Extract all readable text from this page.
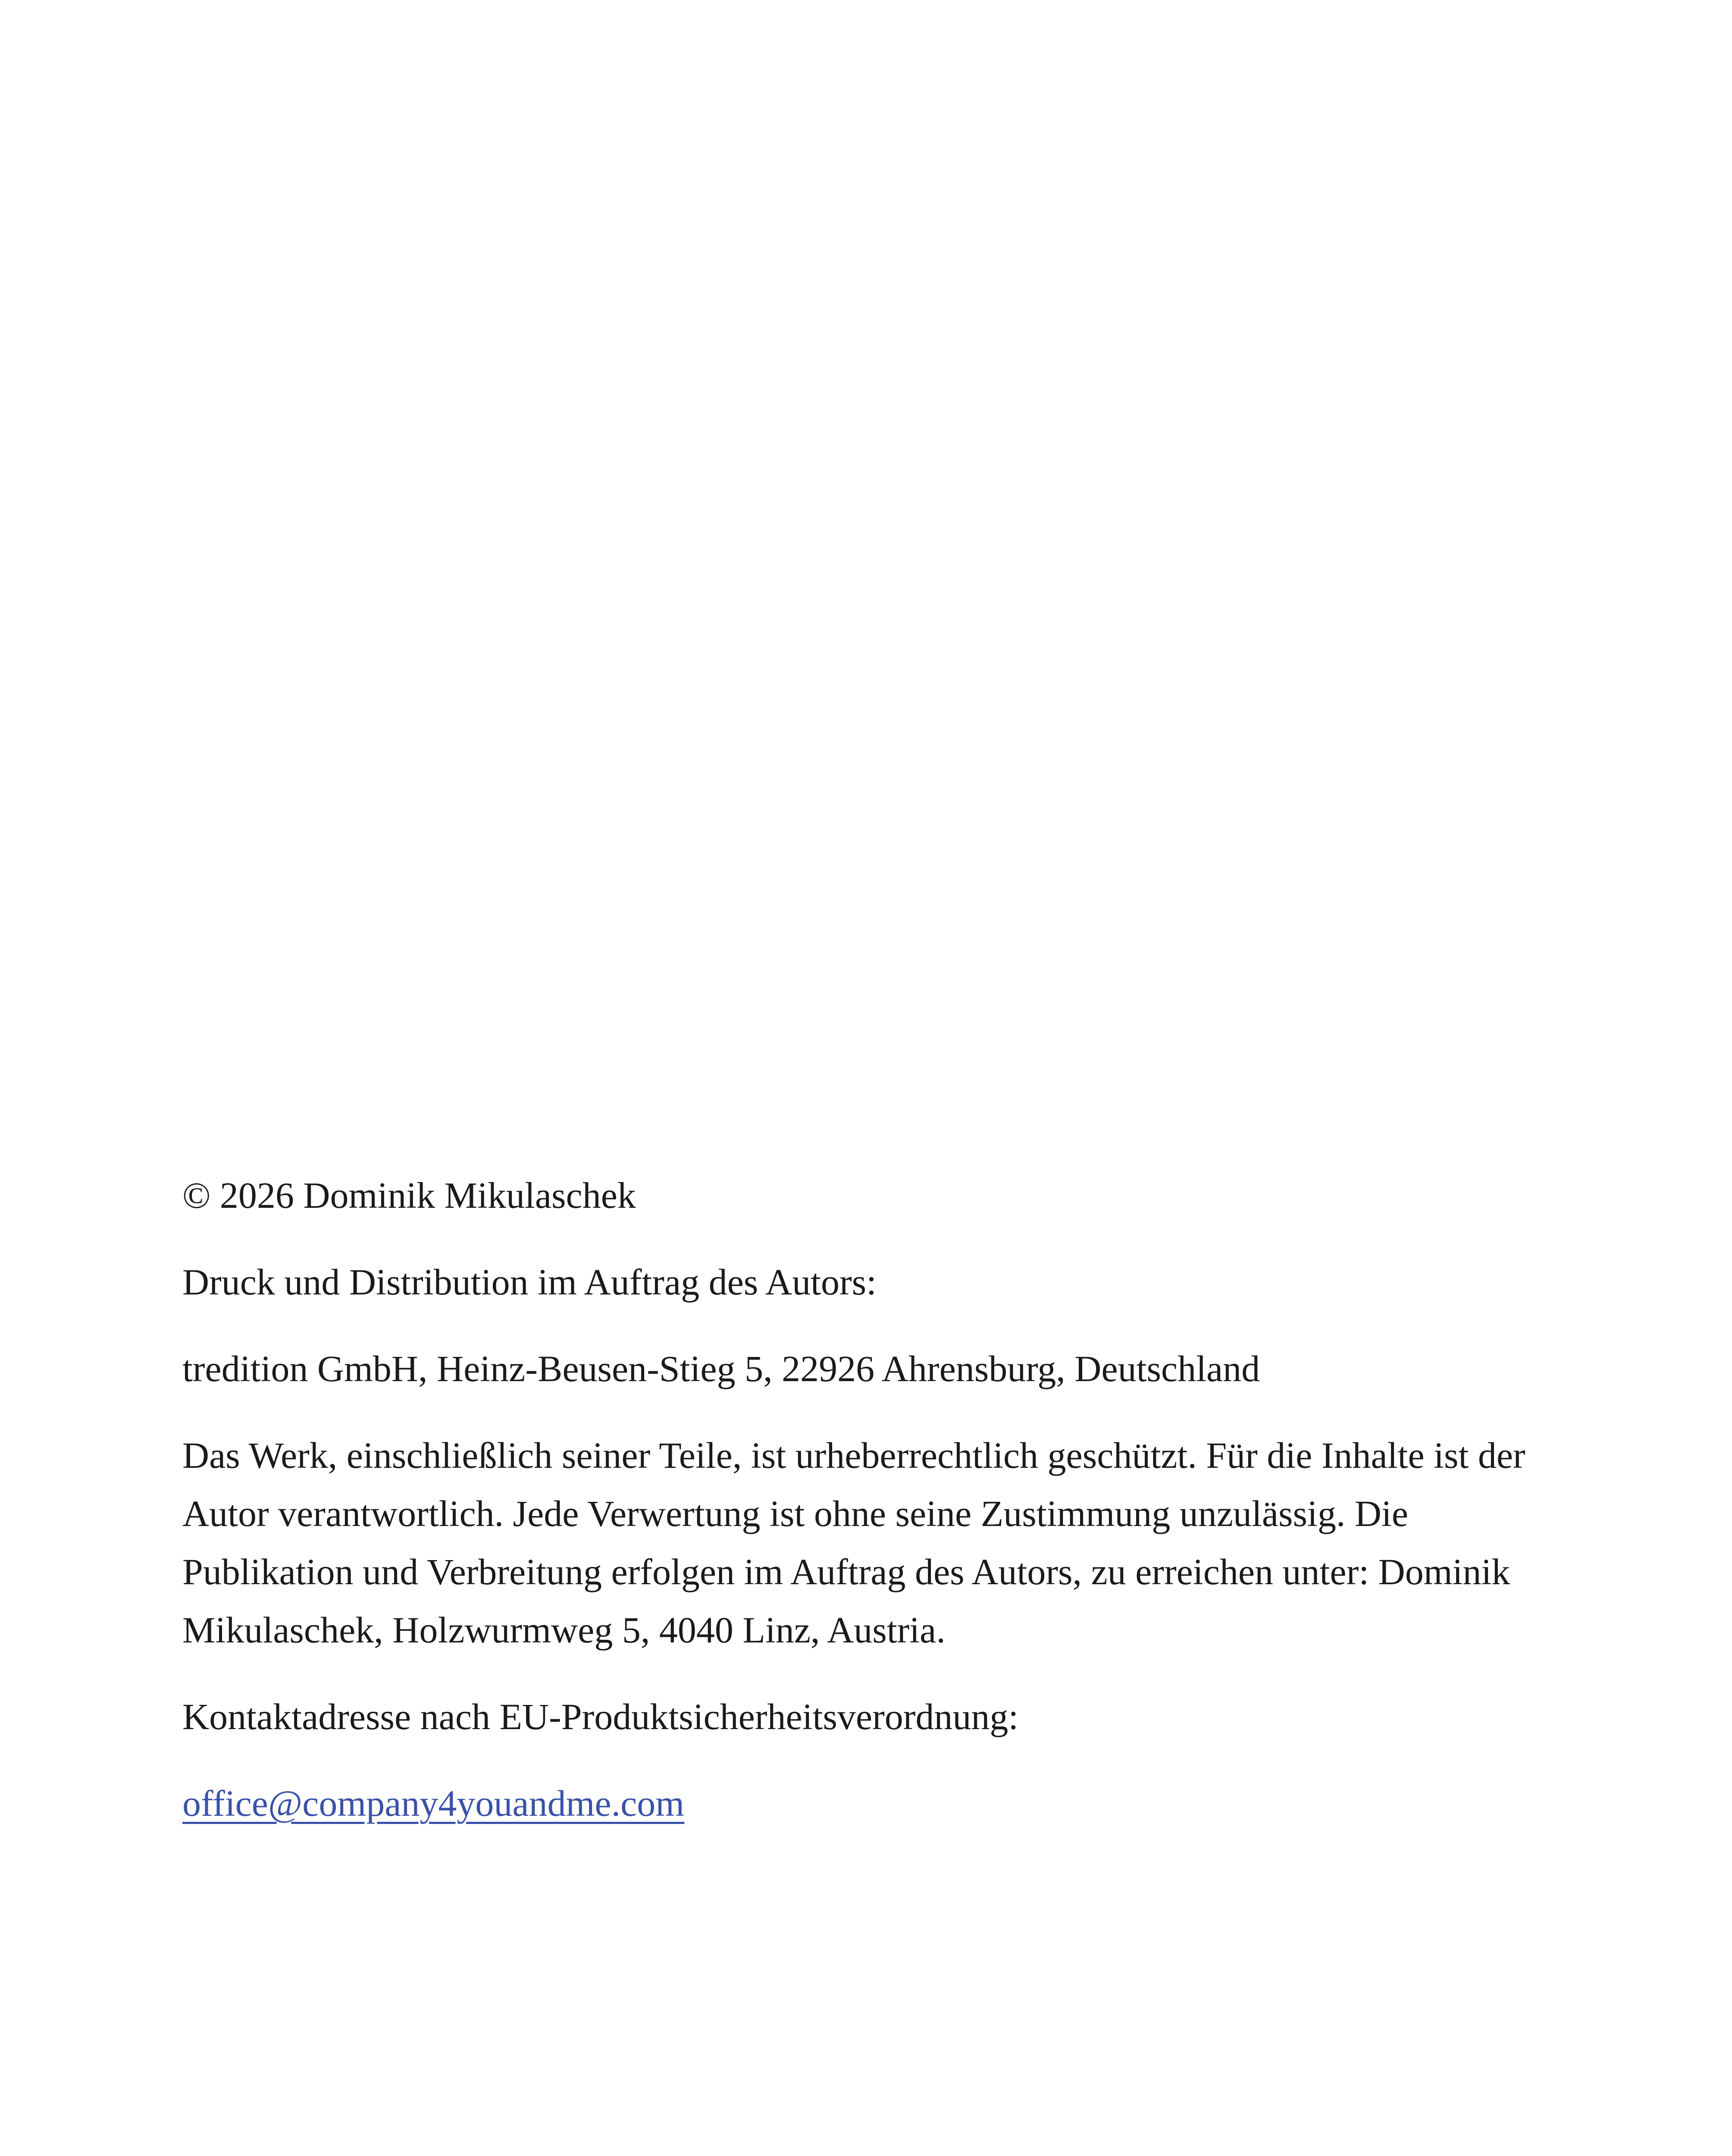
© 2026 Dominik Mikulaschek

Druck und Distribution im Auftrag des Autors:

tredition GmbH, Heinz-Beusen-Stieg 5, 22926 Ahrensburg, Deutschland

Das Werk, einschließlich seiner Teile, ist urheberrechtlich geschützt. Für die Inhalte ist der Autor verantwortlich. Jede Verwertung ist ohne seine Zustimmung unzulässig. Die Publikation und Verbreitung erfolgen im Auftrag des Autors, zu erreichen unter: Dominik Mikulaschek, Holzwurmweg 5, 4040 Linz, Austria.

Kontaktadresse nach EU-Produktsicherheitsverordnung:

office@company4youandme.com
